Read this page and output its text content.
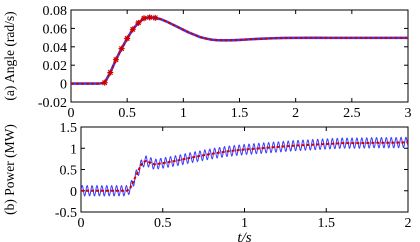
-0.02
0
0.02
0.04
0.06
0.08
0	0.5	1	1.5	2	2.5	3
(a) Angle (rad/s)
-0.5
0
0.5
1
1.5
0	0.5	1	1.5	2
(b) Power (MW)
t/s
